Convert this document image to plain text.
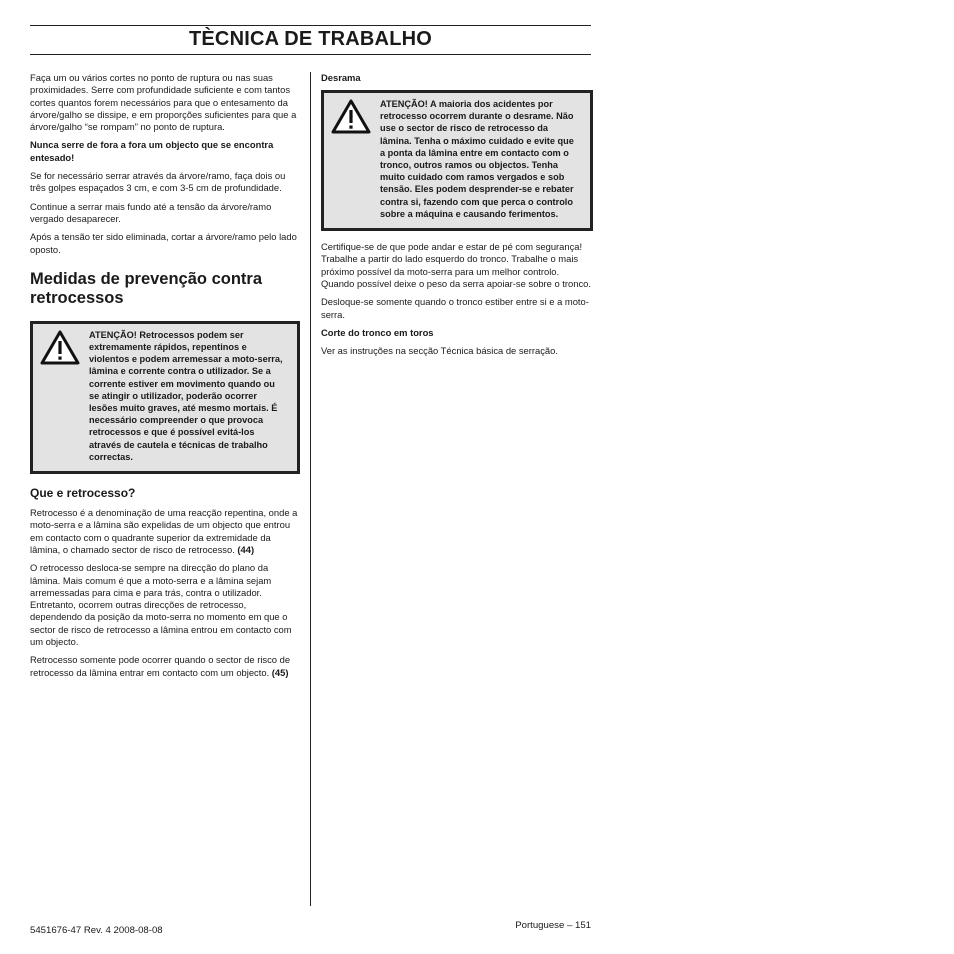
TÈCNICA DE TRABALHO

Faça um ou vários cortes no ponto de ruptura ou nas suas proximidades. Serre com profundidade suficiente e com tantos cortes quantos forem necessários para que o entesamento da árvore/galho se dissipe, e em proporções suficientes para que a árvore/galho “se rompam” no ponto de ruptura.

Nunca serre de fora a fora um objecto que se encontra entesado!

Se for necessário serrar através da árvore/ramo, faça dois ou três golpes espaçados 3 cm, e com 3-5 cm de profundidade.

Continue a serrar mais fundo até a tensão da árvore/ramo vergado desaparecer.

Após a tensão ter sido eliminada, cortar a árvore/ramo pelo lado oposto.

Medidas de prevenção contra retrocessos
ATENÇÃO! Retrocessos podem ser extremamente rápidos, repentinos e violentos e podem arremessar a moto-serra, lâmina e corrente contra o utilizador. Se a corrente estiver em movimento quando ou se atingir o utilizador, poderão ocorrer lesões muito graves, até mesmo mortais. É necessário compreender o que provoca retrocessos e que é possível evitá-los através de cautela e técnicas de trabalho correctas.
Que e retrocesso?

Retrocesso é a denominação de uma reacção repentina, onde a moto-serra e a lâmina são expelidas de um objecto que entrou em contacto com o quadrante superior da extremidade da lâmina, o chamado sector de risco de retrocesso. (44)

O retrocesso desloca-se sempre na direcção do plano da lâmina. Mais comum é que a moto-serra e a lâmina sejam arremessadas para cima e para trás, contra o utilizador. Entretanto, ocorrem outras direcções de retrocesso, dependendo da posição da moto-serra no momento em que o sector de risco de retrocesso a lâmina entrou em contacto com um objecto.

Retrocesso somente pode ocorrer quando o sector de risco de retrocesso da lâmina entrar em contacto com um objecto. (45)

Desrama
ATENÇÃO! A maioria dos acidentes por retrocesso ocorrem durante o desrame. Não use o sector de risco de retrocesso da lâmina. Tenha o máximo cuidado e evite que a ponta da lâmina entre em contacto com o tronco, outros ramos ou objectos. Tenha muito cuidado com ramos vergados e sob tensão. Eles podem desprender-se e rebater contra si, fazendo com que perca o controlo sobre a máquina e causando ferimentos.

Certifique-se de que pode andar e estar de pé com segurança! Trabalhe a partir do lado esquerdo do tronco. Trabalhe o mais próximo possível da moto-serra para um melhor controlo. Quando possível deixe o peso da serra apoiar-se sobre o tronco.

Desloque-se somente quando o tronco estiber entre si e a moto-serra.

Corte do tronco em toros

Ver as instruções na secção Técnica básica de serração.

5451676-47 Rev. 4 2008-08-08	Portuguese – 151
